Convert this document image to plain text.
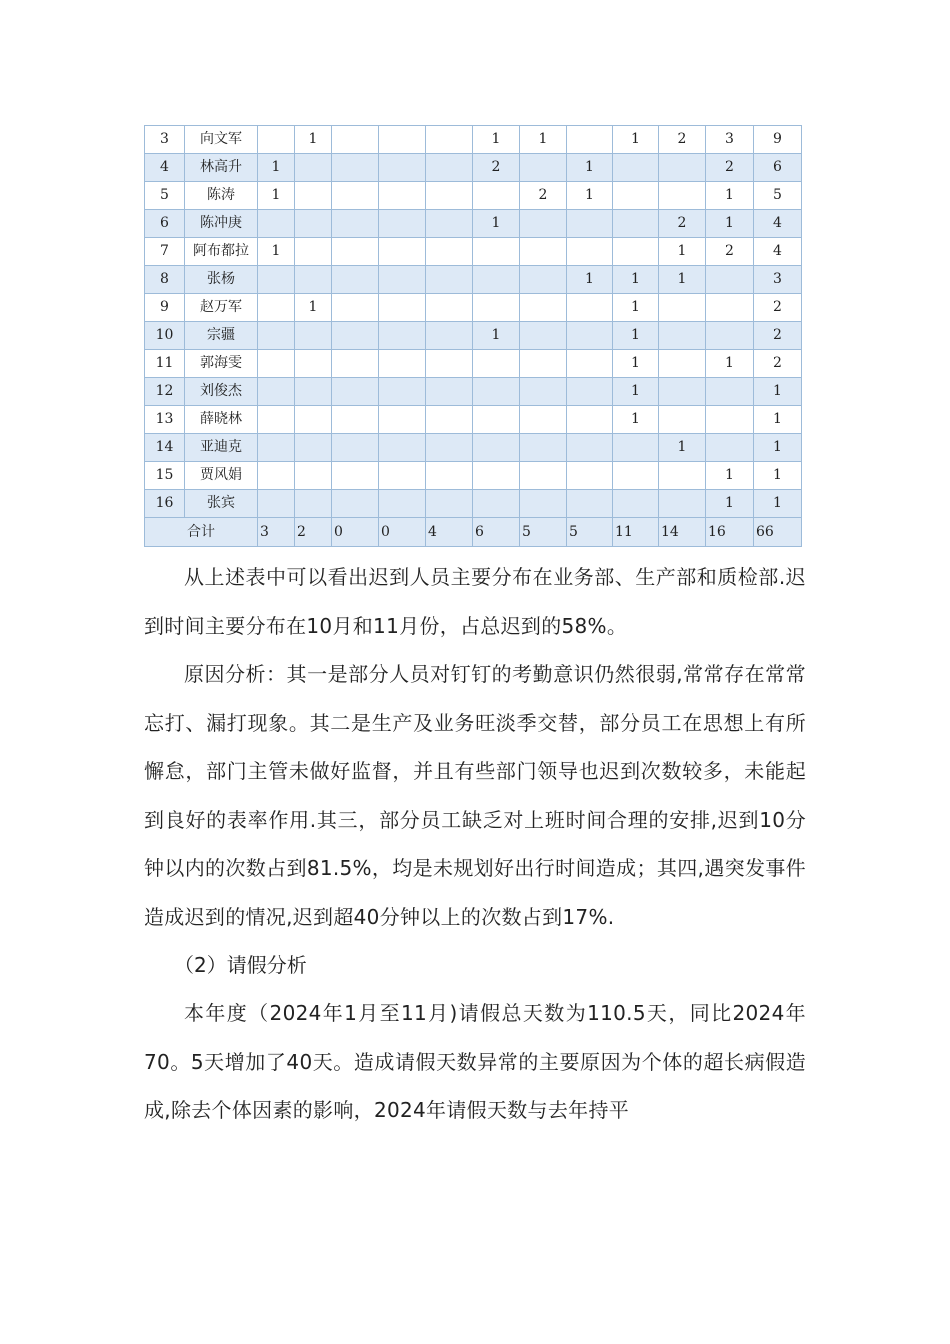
3	向文军		1				1	1		1	2	3	9
4	林高升	1					2		1			2	6
5	陈涛	1						2	1			1	5
6	陈冲庚						1				2	1	4
7	阿布都拉	1									1	2	4
8	张杨								1	1	1		3
9	赵万军		1							1			2
10	宗疆						1			1			2
11	郭海雯									1		1	2
12	刘俊杰									1			1
13	薛晓林									1			1
14	亚迪克										1		1
15	贾风娟											1	1
16	张宾											1	1
合计		3	2	0	0	4	6	5	5	11	14	16	66

从上述表中可以看出迟到人员主要分布在业务部、生产部和质检部.迟到时间主要分布在10月和11月份，占总迟到的58%。

原因分析：其一是部分人员对钉钉的考勤意识仍然很弱,常常存在常常忘打、漏打现象。其二是生产及业务旺淡季交替，部分员工在思想上有所懈怠，部门主管未做好监督，并且有些部门领导也迟到次数较多，未能起到良好的表率作用.其三，部分员工缺乏对上班时间合理的安排,迟到10分钟以内的次数占到81.5%，均是未规划好出行时间造成；其四,遇突发事件造成迟到的情况,迟到超40分钟以上的次数占到17%.

（2）请假分析

本年度（2024年1月至11月)请假总天数为110.5天，同比2024年70。5天增加了40天。造成请假天数异常的主要原因为个体的超长病假造成,除去个体因素的影响，2024年请假天数与去年持平
